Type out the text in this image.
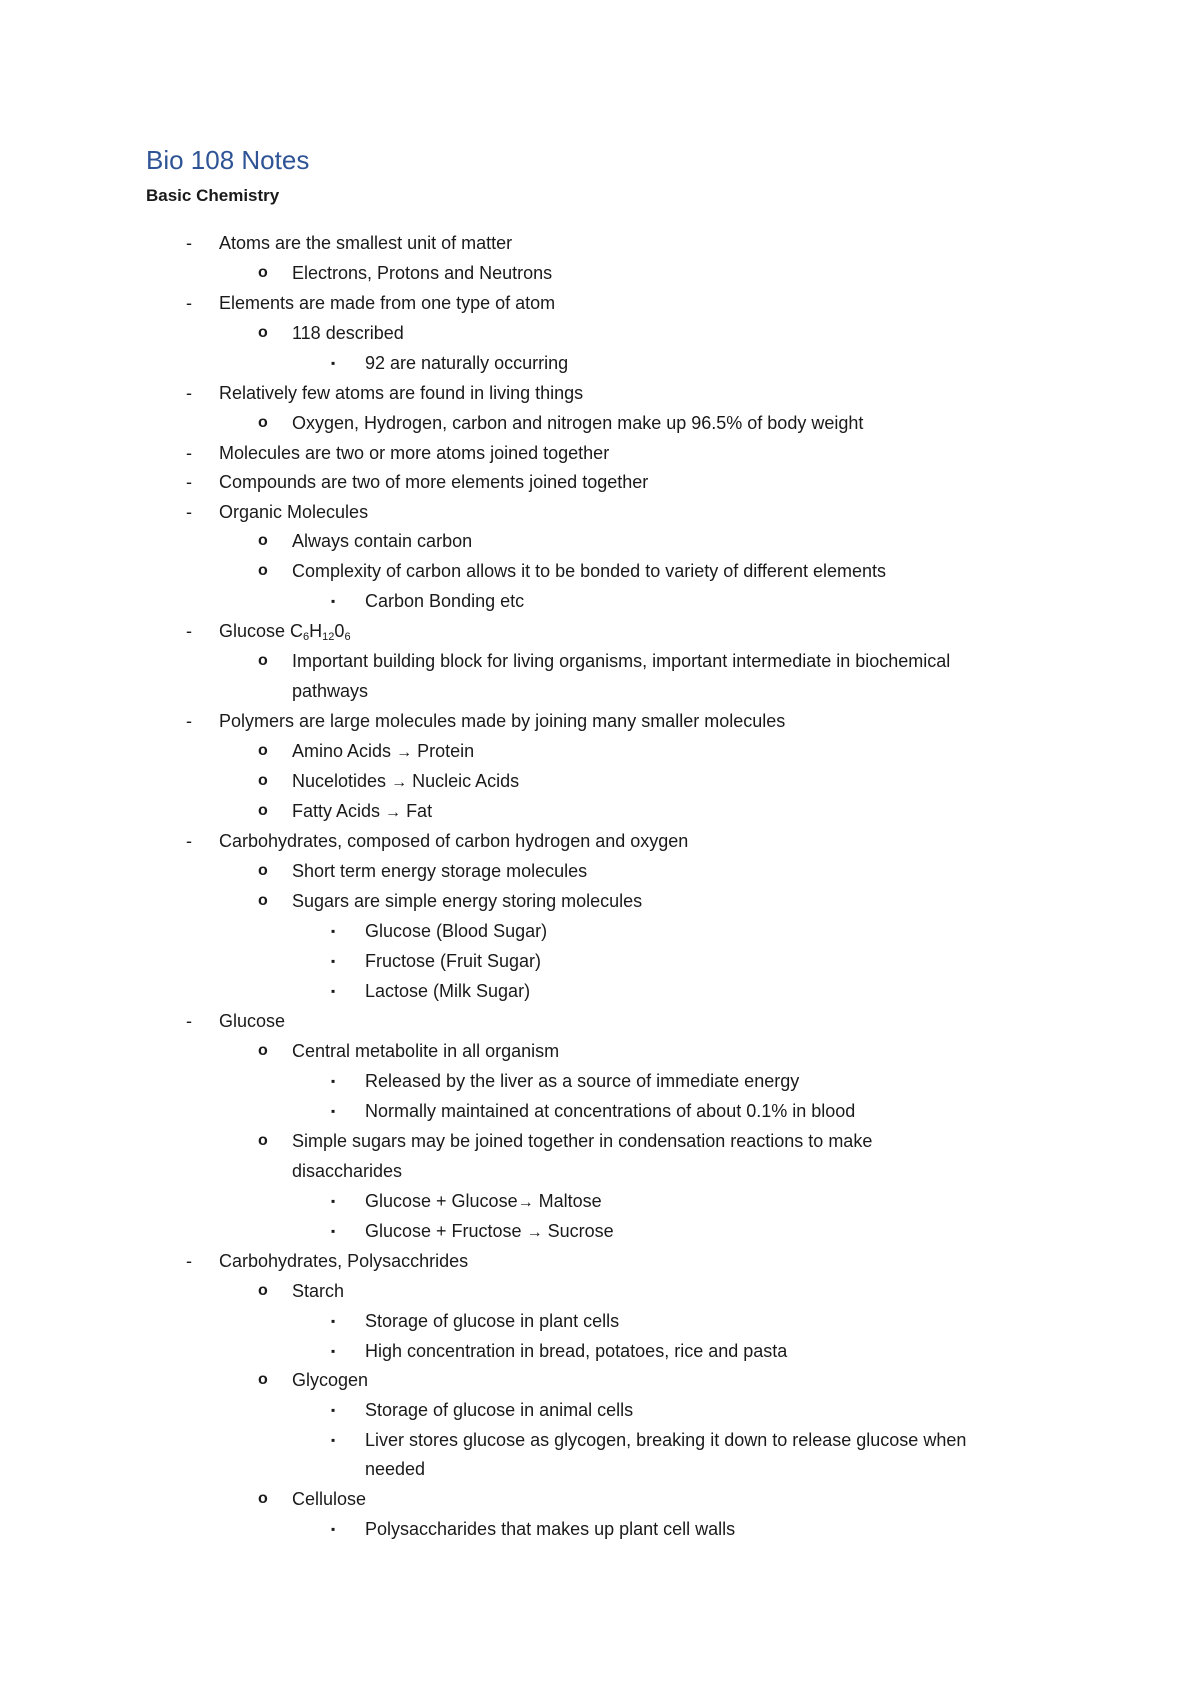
Bio 108 Notes
Basic Chemistry
- Atoms are the smallest unit of matter
o Electrons, Protons and Neutrons
- Elements are made from one type of atom
o 118 described
▪ 92 are naturally occurring
- Relatively few atoms are found in living things
o Oxygen, Hydrogen, carbon and nitrogen make up 96.5% of body weight
- Molecules are two or more atoms joined together
- Compounds are two of more elements joined together
- Organic Molecules
o Always contain carbon
o Complexity of carbon allows it to be bonded to variety of different elements
▪ Carbon Bonding etc
- Glucose $C_6H_{12}0_6$
o Important building block for living organisms, important intermediate in biochemical
pathways
- Polymers are large molecules made by joining many smaller molecules
o Amino Acids → Protein
o Nucelotides → Nucleic Acids
o Fatty Acids → Fat
- Carbohydrates, composed of carbon hydrogen and oxygen
o Short term energy storage molecules
o Sugars are simple energy storing molecules
▪ Glucose (Blood Sugar)
▪ Fructose (Fruit Sugar)
▪ Lactose (Milk Sugar)
- Glucose
o Central metabolite in all organism
▪ Released by the liver as a source of immediate energy
▪ Normally maintained at concentrations of about 0.1% in blood
o Simple sugars may be joined together in condensation reactions to make
disaccharides
▪ Glucose + Glucose→ Maltose
▪ Glucose + Fructose → Sucrose
- Carbohydrates, Polysacchrides
o Starch
▪ Storage of glucose in plant cells
▪ High concentration in bread, potatoes, rice and pasta
o Glycogen
▪ Storage of glucose in animal cells
▪ Liver stores glucose as glycogen, breaking it down to release glucose when
needed
o Cellulose
▪ Polysaccharides that makes up plant cell walls
